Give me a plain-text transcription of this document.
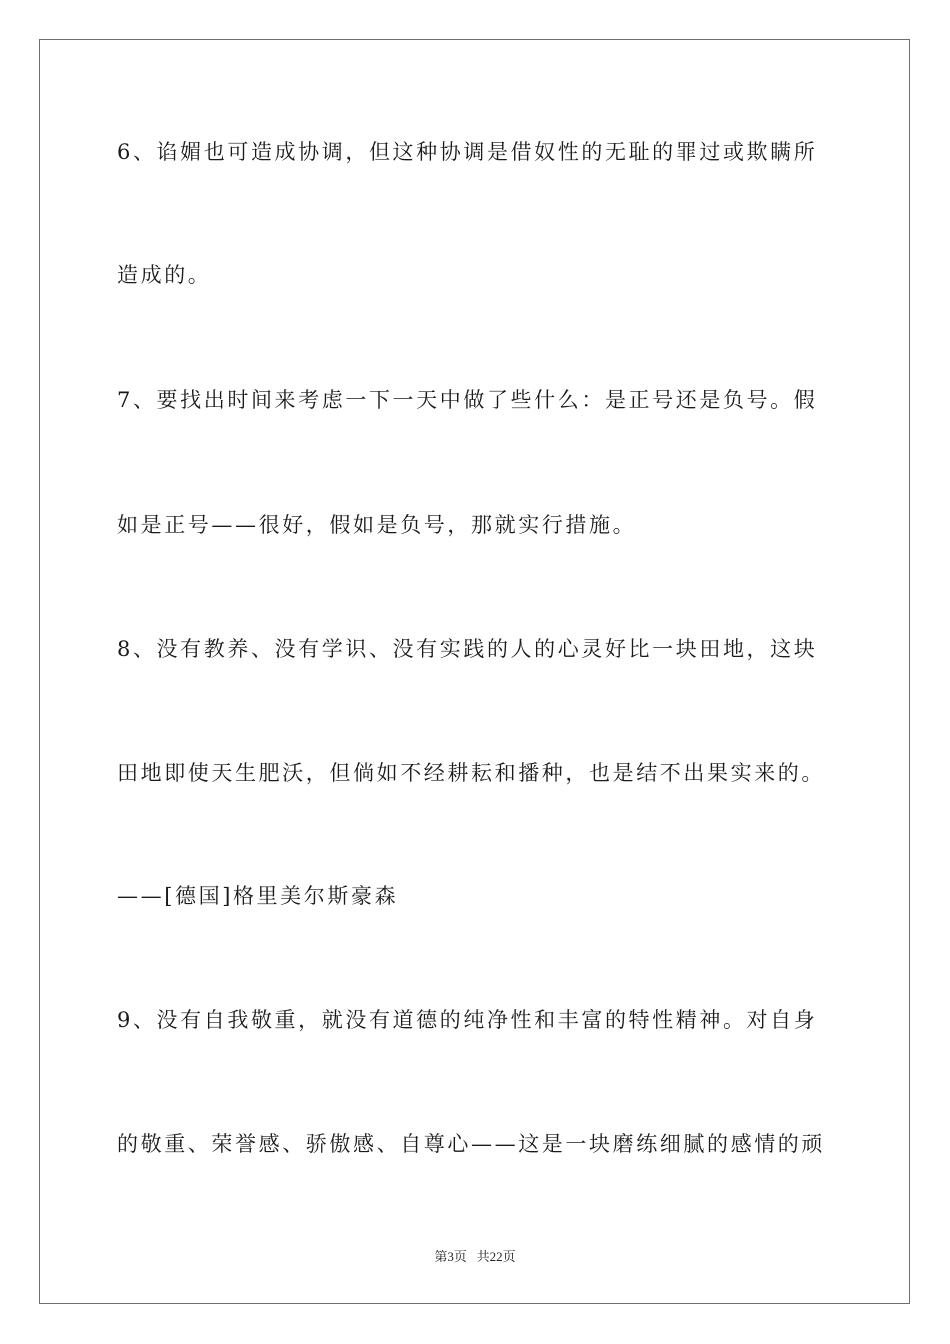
6、谄媚也可造成协调，但这种协调是借奴性的无耻的罪过或欺瞒所
造成的。
7、要找出时间来考虑一下一天中做了些什么：是正号还是负号。假
如是正号——很好，假如是负号，那就实行措施。
8、没有教养、没有学识、没有实践的人的心灵好比一块田地，这块
田地即使天生肥沃，但倘如不经耕耘和播种，也是结不出果实来的。
——[德国]格里美尔斯豪森
9、没有自我敬重，就没有道德的纯净性和丰富的特性精神。对自身
的敬重、荣誉感、骄傲感、自尊心——这是一块磨练细腻的感情的顽
第3页   共22页
